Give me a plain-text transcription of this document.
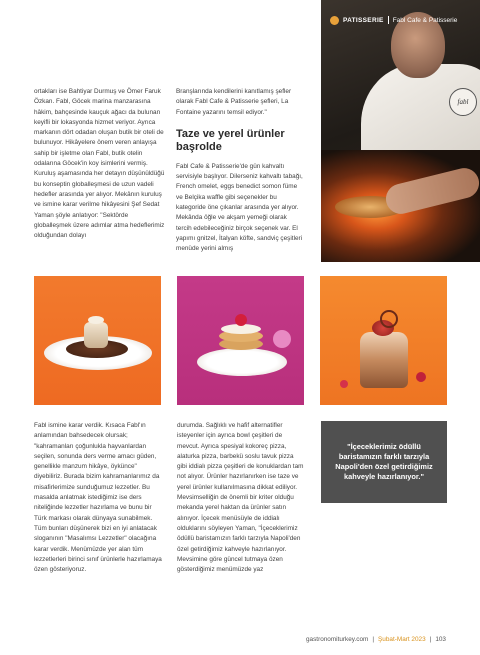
fabl
PATISSERIE Fabl Cafe & Patisserie

ortakları ise Bahtiyar Durmuş ve Ömer Faruk Özkan. Fabl, Göcek marina manzarasına hâkim, bahçesinde kauçuk ağacı da bulunan keyifli bir lokasyonda hizmet veriyor. Ayrıca markanın dört odadan oluşan butik bir oteli de bulunuyor. Hikâyelere önem veren anlayışa sahip bir işletme olan Fabl, butik otelin odalarına Göcek'in koy isimlerini vermiş. Kuruluş aşamasında her detayın düşünüldüğü bu konseptin globalleşmesi de uzun vadeli hedefler arasında yer alıyor. Mekânın kuruluş ve ismine karar verilme hikâyesini Şef Sedat Yaman şöyle anlatıyor: "Sektörde globalleşmek üzere adımlar atma hedeflerimiz olduğundan dolayı

Branşlarında kendilerini kanıtlamış şefler olarak Fabl Cafe & Patisserie şefleri, La Fontaine yazarını temsil ediyor."

Taze ve yerel ürünler başrolde

Fabl Cafe & Patisserie'de gün kahvaltı servisiyle başlıyor. Dilerseniz kahvaltı tabağı, French omelet, eggs benedict somon füme ve Belçika waffle gibi seçenekler bu kategoride öne çıkanlar arasında yer alıyor. Mekânda öğle ve akşam yemeği olarak tercih edebileceğiniz birçok seçenek var. El yapımı gnitzel, İtalyan köfte, sandviç çeşitleri menüde yerini almış

Fabl ismine karar verdik. Kısaca Fabl'ın anlamından bahsedecek olursak; "kahramanları çoğunlukla hayvanlardan seçilen, sonunda ders verme amacı güden, genellikle manzum hikâye, öykünce" diyebiliriz. Burada bizim kahramanlarımız da misafirlerimize sunduğumuz lezzetler. Bu masalda anlatmak istediğimiz ise ders niteliğinde lezzetler hazırlama ve bunu bir Türk markası olarak dünyaya sunabilmek. Tüm bunları düşünerek bizi en iyi anlatacak sloganının "Masalımsı Lezzetler" olacağına karar verdik. Menümüzde yer alan tüm lezzetlerleri birinci sınıf ürünlerle hazırlamaya özen gösteriyoruz.

durumda. Sağlıklı ve hafif alternatifler isteyenler için ayrıca bowl çeşitleri de mevcut. Ayrıca spesiyal kokoreç pizza, alaturka pizza, barbekü soslu tavuk pizza gibi iddialı pizza çeşitleri de konuklardan tam not alıyor. Ürünler hazırlanırken ise taze ve yerel ürünler kullanılmasına dikkat ediliyor. Mevsimselliğin de önemli bir kriter olduğu mekanda yerel haktan da ürünler satın alınıyor. İçecek menüsüyle de iddialı olduklarını söyleyen Yaman, "İçeceklerimiz ödüllü baristamızın farklı tarzıyla Napoli'den özel getirdiğimiz kahveyle hazırlanıyor. Mevsimine göre güncel tutmaya özen gösterdiğimiz menümüzde yaz

"İçeceklerimiz ödüllü baristamızın farklı tarzıyla Napoli'den özel getirdiğimiz kahveyle hazırlanıyor."
gastronomiturkey.com | Şubat-Mart 2023 | 103
